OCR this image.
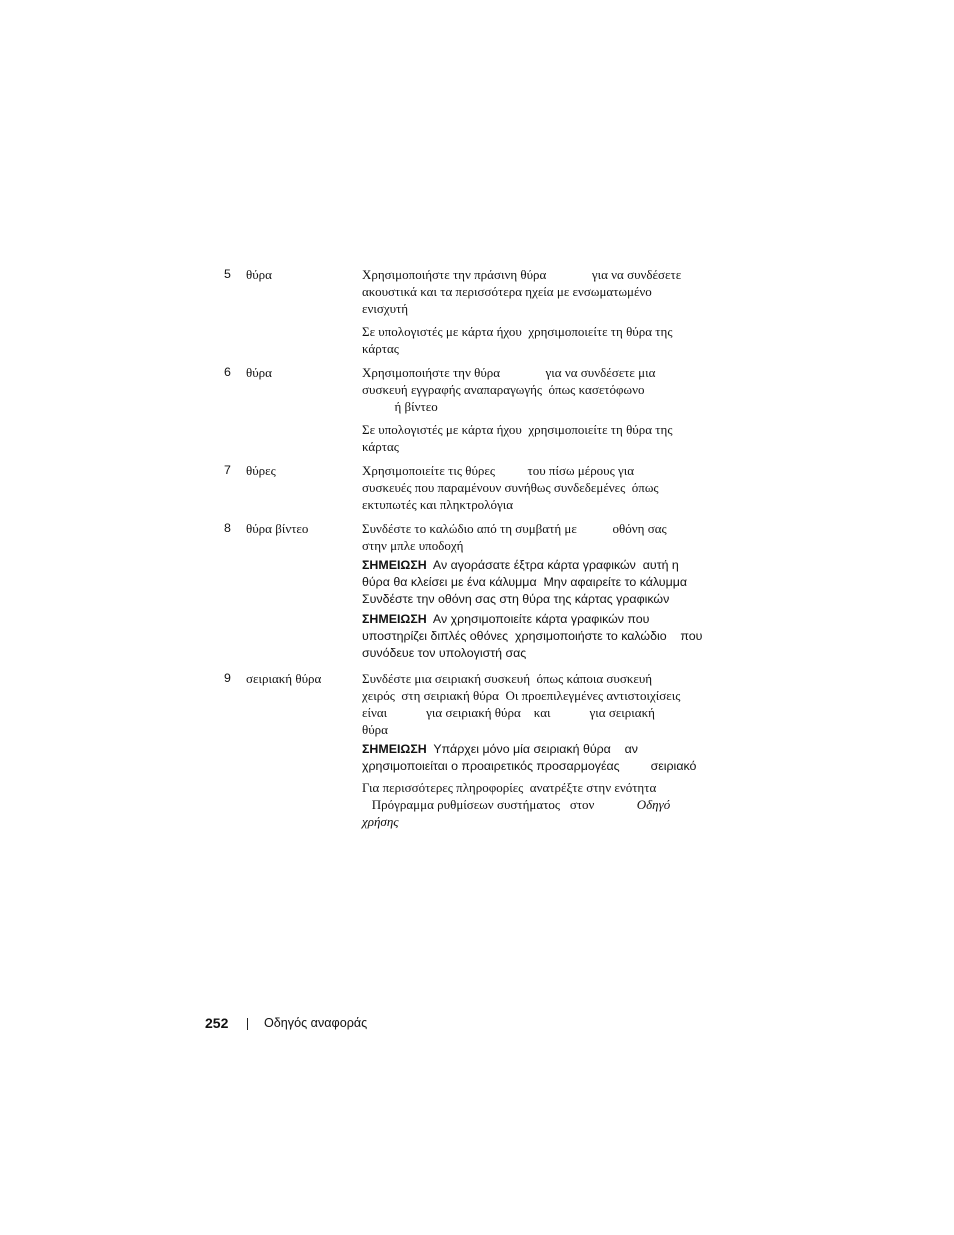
5 θύρα	Χρησιμοποιήστε την πράσινη θύρα              για να συνδέσετε
ακουστικά και τα περισσότερα ηχεία με ενσωματωμένο
ενισχυτή
Σε υπολογιστές με κάρτα ήχου  χρησιμοποιείτε τη θύρα της
κάρτας
6 θύρα	Χρησιμοποιήστε την θύρα              για να συνδέσετε μια
συσκευή εγγραφής αναπαραγωγής  όπως κασετόφωνο
ή βίντεο
Σε υπολογιστές με κάρτα ήχου  χρησιμοποιείτε τη θύρα της
κάρτας
7 θύρες	Χρησιμοποιείτε τις θύρες          του πίσω μέρους για
συσκευές που παραμένουν συνήθως συνδεδεμένες  όπως
εκτυπωτές και πληκτρολόγια
8 θύρα βίντεο	Συνδέστε το καλώδιο από τη συμβατή με           οθόνη σας
στην μπλε υποδοχή
ΣΗΜΕΙΩΣΗ  Αν αγοράσατε έξτρα κάρτα γραφικών  αυτή η
θύρα θα κλείσει με ένα κάλυμμα  Μην αφαιρείτε το κάλυμμα
Συνδέστε την οθόνη σας στη θύρα της κάρτας γραφικών
ΣΗΜΕΙΩΣΗ  Αν χρησιμοποιείτε κάρτα γραφικών που
υποστηρίζει διπλές οθόνες  χρησιμοποιήστε το καλώδιο    που
συνόδευε τον υπολογιστή σας
9 σειριακή θύρα	Συνδέστε μια σειριακή συσκευή  όπως κάποια συσκευή
χειρός  στη σειριακή θύρα  Οι προεπιλεγμένες αντιστοιχίσεις
είναι            για σειριακή θύρα    και            για σειριακή
θύρα
ΣΗΜΕΙΩΣΗ  Υπάρχει μόνο μία σειριακή θύρα    αν
χρησιμοποιείται ο προαιρετικός προσαρμογέας         σειριακό
Για περισσότερες πληροφορίες  ανατρέξτε στην ενότητα
Πρόγραμμα ρυθμίσεων συστήματος   στον             Οδηγό
χρήσης
252	Οδηγός αναφοράς
